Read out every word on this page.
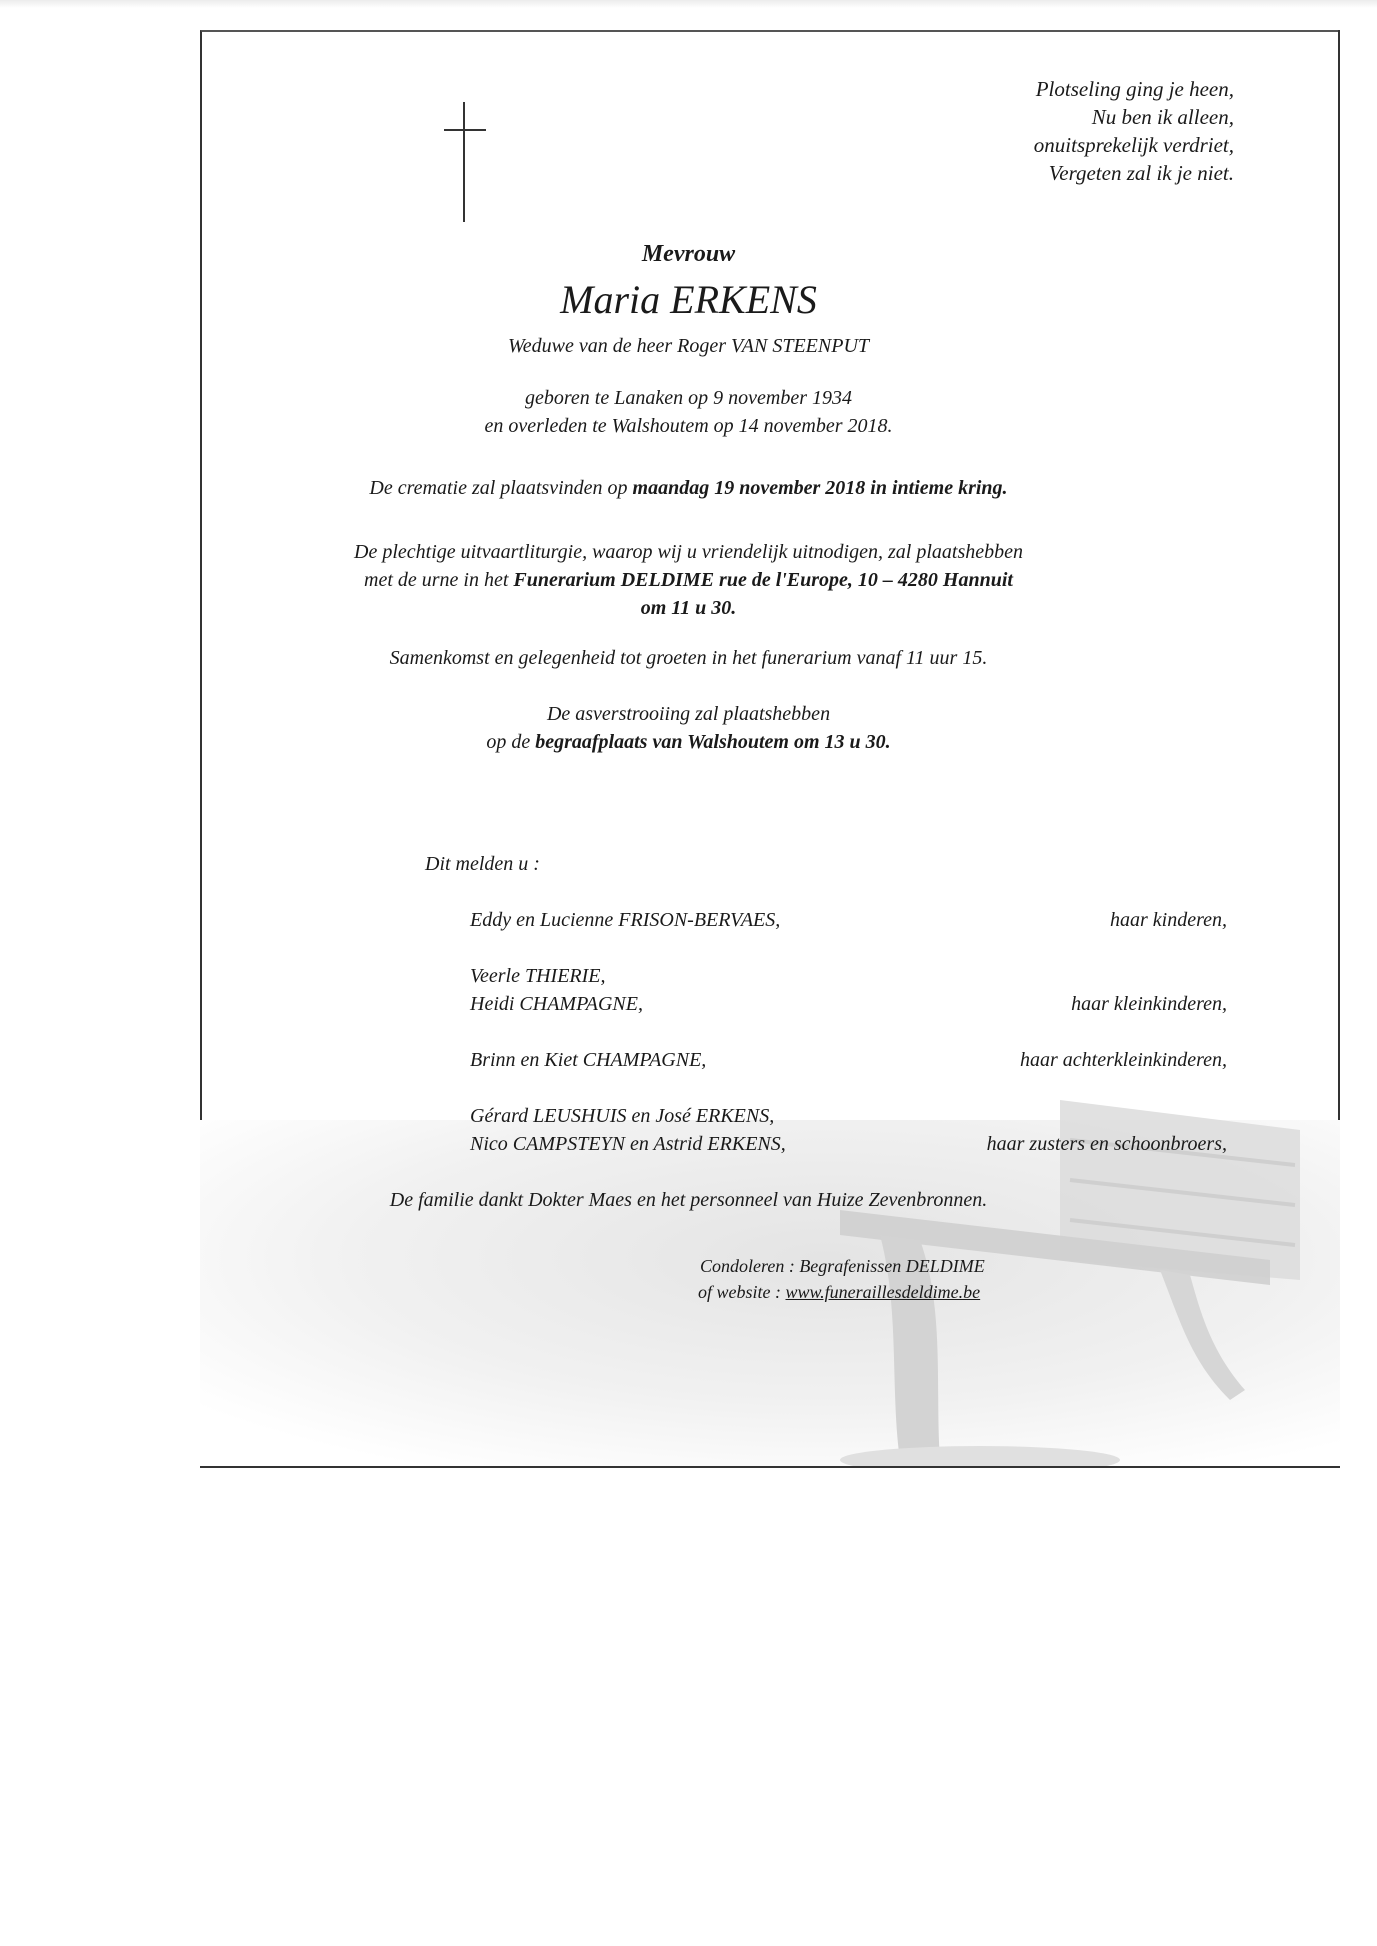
Plotseling ging je heen,
Nu ben ik alleen,
onuitsprekelijk verdriet,
Vergeten zal ik je niet.
Mevrouw
Maria ERKENS
Weduwe van de heer Roger VAN STEENPUT
geboren te Lanaken op 9 november 1934
en overleden te Walshoutem op 14 november 2018.
De crematie zal plaatsvinden op maandag 19 november 2018 in intieme kring.
De plechtige uitvaartliturgie, waarop wij u vriendelijk uitnodigen, zal plaatshebben
met de urne in het Funerarium DELDIME rue de l'Europe, 10 – 4280 Hannuit
om 11 u 30.
Samenkomst en gelegenheid tot groeten in het funerarium vanaf 11 uur 15.
De asverstrooiing zal plaatshebben
op de begraafplaats van Walshoutem om 13 u 30.
Dit melden u :
Eddy en Lucienne FRISON-BERVAES,	haar kinderen,
Veerle THIERIE,
Heidi CHAMPAGNE,	haar kleinkinderen,
Brinn en Kiet CHAMPAGNE,	haar achterkleinkinderen,
Gérard LEUSHUIS en José ERKENS,
Nico CAMPSTEYN en Astrid ERKENS,	haar zusters en schoonbroers,
De familie dankt Dokter Maes en het personneel van Huize Zevenbronnen.
Condoleren : Begrafenissen DELDIME
of website : www.funeraillesdeldime.be
